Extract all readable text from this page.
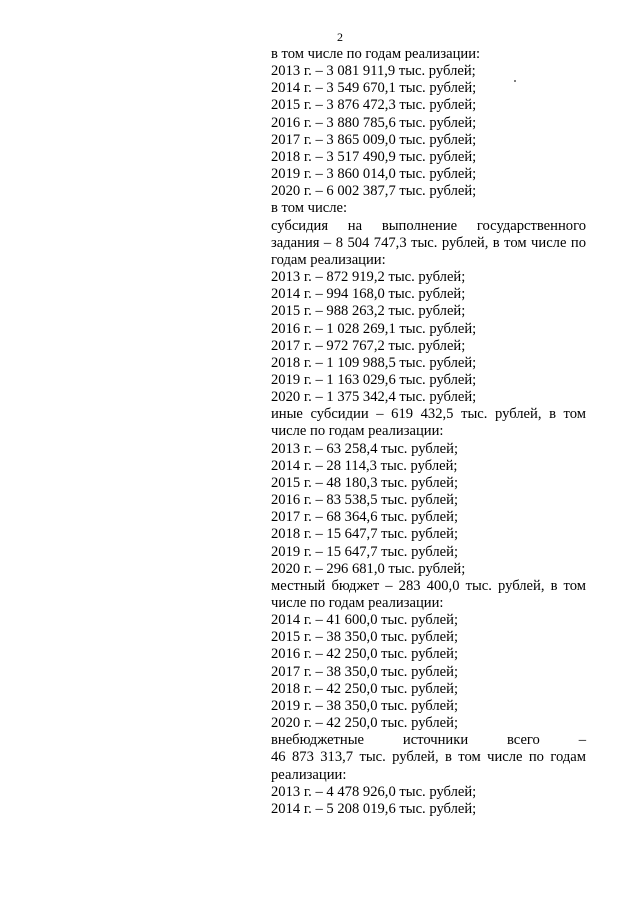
2

в том числе по годам реализации:

2013 г. – 3 081 911,9 тыс. рублей;

2014 г. – 3 549 670,1 тыс. рублей;

2015 г. – 3 876 472,3 тыс. рублей;

2016 г. – 3 880 785,6 тыс. рублей;

2017 г. – 3 865 009,0 тыс. рублей;

2018 г. – 3 517 490,9 тыс. рублей;

2019 г. – 3 860 014,0 тыс. рублей;

2020 г. – 6 002 387,7 тыс. рублей;

в том числе:

субсидия на выполнение государственного задания – 8 504 747,3 тыс. рублей, в том числе по годам реализации:

2013 г. – 872 919,2 тыс. рублей;

2014 г. – 994 168,0 тыс. рублей;

2015 г. – 988 263,2 тыс. рублей;

2016 г. – 1 028 269,1 тыс. рублей;

2017 г. – 972 767,2 тыс. рублей;

2018 г. – 1 109 988,5 тыс. рублей;

2019 г. – 1 163 029,6 тыс. рублей;

2020 г. – 1 375 342,4 тыс. рублей;

иные субсидии – 619 432,5 тыс. рублей, в том числе по годам реализации:

2013 г. – 63 258,4 тыс. рублей;

2014 г. – 28 114,3 тыс. рублей;

2015 г. – 48 180,3 тыс. рублей;

2016 г. – 83 538,5 тыс. рублей;

2017 г. – 68 364,6 тыс. рублей;

2018 г. – 15 647,7 тыс. рублей;

2019 г. – 15 647,7 тыс. рублей;

2020 г. – 296 681,0 тыс. рублей;

местный бюджет – 283 400,0 тыс. рублей, в том числе по годам реализации:

2014 г. – 41 600,0 тыс. рублей;

2015 г. – 38 350,0 тыс. рублей;

2016 г. – 42 250,0 тыс. рублей;

2017 г. – 38 350,0 тыс. рублей;

2018 г. – 42 250,0 тыс. рублей;

2019 г. – 38 350,0 тыс. рублей;

2020 г. – 42 250,0 тыс. рублей;

внебюджетные источники всего –

46 873 313,7 тыс. рублей, в том числе по годам реализации:

2013 г. – 4 478 926,0 тыс. рублей;

2014 г. – 5 208 019,6 тыс. рублей;
